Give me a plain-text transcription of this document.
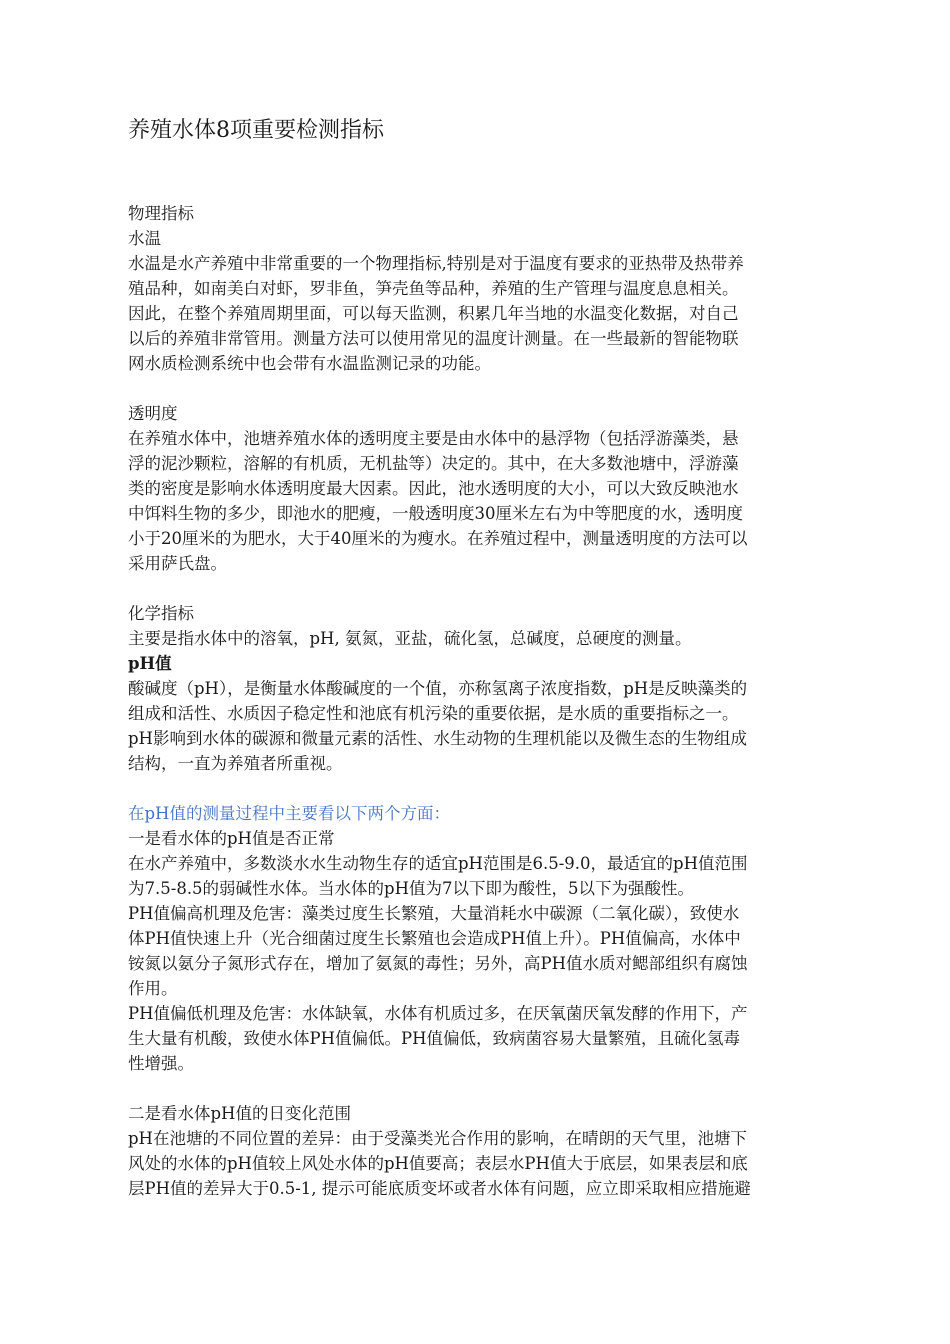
养殖水体8项重要检测指标
物理指标
水温
水温是水产养殖中非常重要的一个物理指标,特别是对于温度有要求的亚热带及热带养
殖品种，如南美白对虾，罗非鱼，笋壳鱼等品种，养殖的生产管理与温度息息相关。
因此，在整个养殖周期里面，可以每天监测，积累几年当地的水温变化数据，对自己
以后的养殖非常管用。测量方法可以使用常见的温度计测量。在一些最新的智能物联
网水质检测系统中也会带有水温监测记录的功能。
透明度
在养殖水体中，池塘养殖水体的透明度主要是由水体中的悬浮物（包括浮游藻类，悬
浮的泥沙颗粒，溶解的有机质，无机盐等）决定的。其中，在大多数池塘中，浮游藻
类的密度是影响水体透明度最大因素。因此，池水透明度的大小，可以大致反映池水
中饵料生物的多少，即池水的肥瘦，一般透明度30厘米左右为中等肥度的水，透明度
小于20厘米的为肥水，大于40厘米的为瘦水。在养殖过程中，测量透明度的方法可以
采用萨氏盘。
化学指标
主要是指水体中的溶氧，pH, 氨氮，亚盐，硫化氢，总碱度，总硬度的测量。
pH值
酸碱度（pH），是衡量水体酸碱度的一个值，亦称氢离子浓度指数，pH是反映藻类的
组成和活性、水质因子稳定性和池底有机污染的重要依据，是水质的重要指标之一。
pH影响到水体的碳源和微量元素的活性、水生动物的生理机能以及微生态的生物组成
结构，一直为养殖者所重视。
在pH值的测量过程中主要看以下两个方面：
一是看水体的pH值是否正常
在水产养殖中，多数淡水水生动物生存的适宜pH范围是6.5-9.0，最适宜的pH值范围
为7.5-8.5的弱碱性水体。当水体的pH值为7以下即为酸性，5以下为强酸性。
PH值偏高机理及危害：藻类过度生长繁殖，大量消耗水中碳源（二氧化碳），致使水
体PH值快速上升（光合细菌过度生长繁殖也会造成PH值上升）。PH值偏高，水体中
铵氮以氨分子氮形式存在，增加了氨氮的毒性；另外，高PH值水质对鳃部组织有腐蚀
作用。
PH值偏低机理及危害：水体缺氧，水体有机质过多，在厌氧菌厌氧发酵的作用下，产
生大量有机酸，致使水体PH值偏低。PH值偏低，致病菌容易大量繁殖，且硫化氢毒
性增强。
二是看水体pH值的日变化范围
pH在池塘的不同位置的差异：由于受藻类光合作用的影响，在晴朗的天气里，池塘下
风处的水体的pH值较上风处水体的pH值要高；表层水PH值大于底层，如果表层和底
层PH值的差异大于0.5-1, 提示可能底质变坏或者水体有问题，应立即采取相应措施避
